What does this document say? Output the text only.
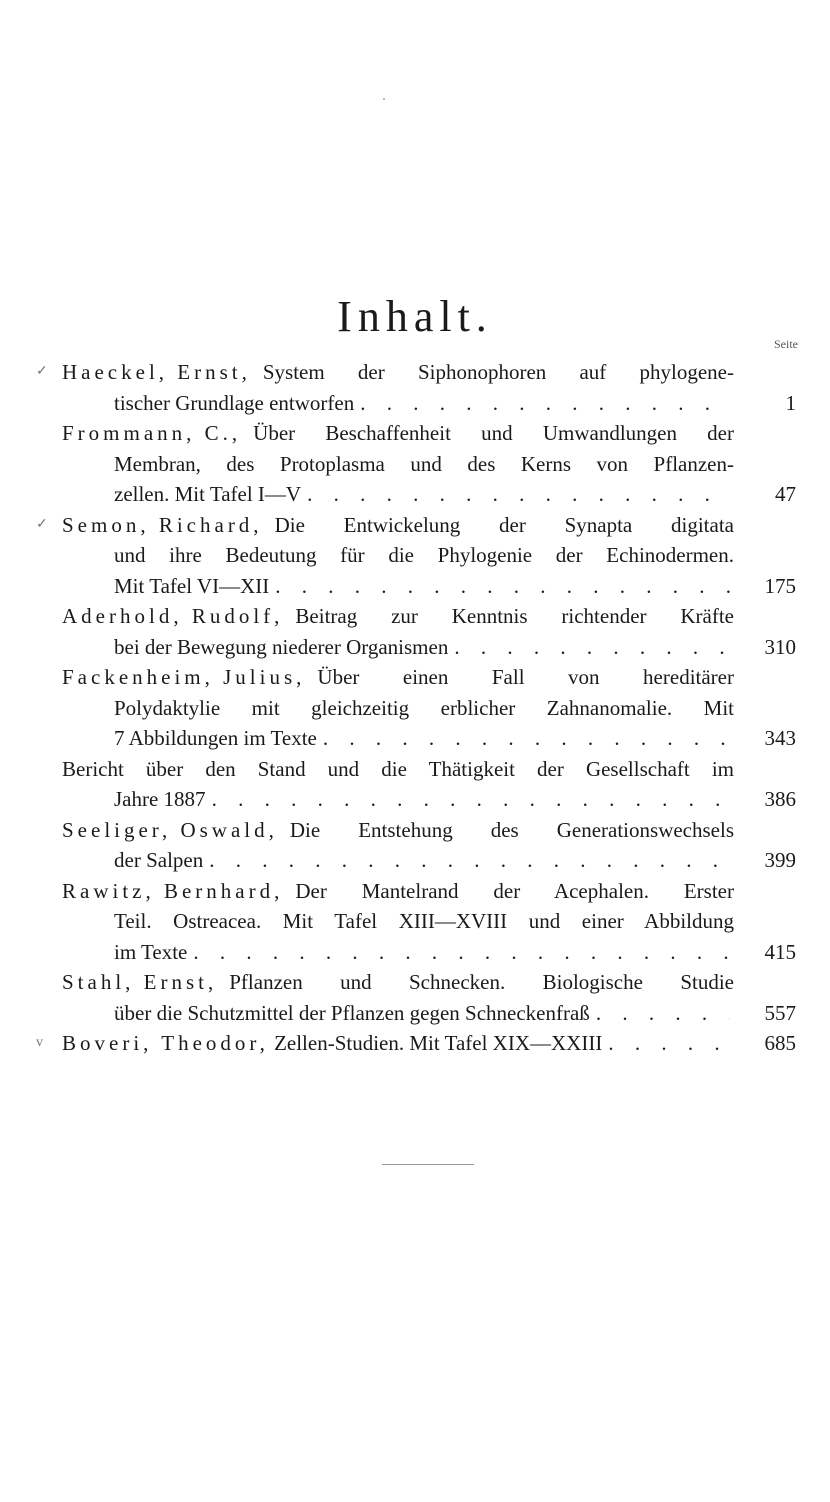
Inhalt.
Seite
✓ Haeckel, Ernst, System der Siphonophoren auf phylogene-
tischer Grundlage entworfen . . .	1
Frommann, C., Über Beschaffenheit und Umwandlungen der
Membran, des Protoplasma und des Kerns von Pflanzen-
zellen. Mit Tafel I—V . . .	47
✓ Semon, Richard, Die Entwickelung der Synapta digitata
und ihre Bedeutung für die Phylogenie der Echinodermen.
Mit Tafel VI—XII . . .	175
Aderhold, Rudolf, Beitrag zur Kenntnis richtender Kräfte
bei der Bewegung niederer Organismen . . .	310
Fackenheim, Julius, Über einen Fall von hereditärer
Polydaktylie mit gleichzeitig erblicher Zahnanomalie. Mit
7 Abbildungen im Texte . . .	343
Bericht über den Stand und die Thätigkeit der Gesellschaft im
Jahre 1887 . . .	386
Seeliger, Oswald, Die Entstehung des Generationswechsels
der Salpen . . .	399
Rawitz, Bernhard, Der Mantelrand der Acephalen. Erster
Teil. Ostreacea. Mit Tafel XIII—XVIII und einer Abbildung
im Texte . . .	415
Stahl, Ernst, Pflanzen und Schnecken. Biologische Studie
über die Schutzmittel der Pflanzen gegen Schneckenfraß . . .	557
v Boveri, Theodor, Zellen-Studien. Mit Tafel XIX—XXIII . . .	685
